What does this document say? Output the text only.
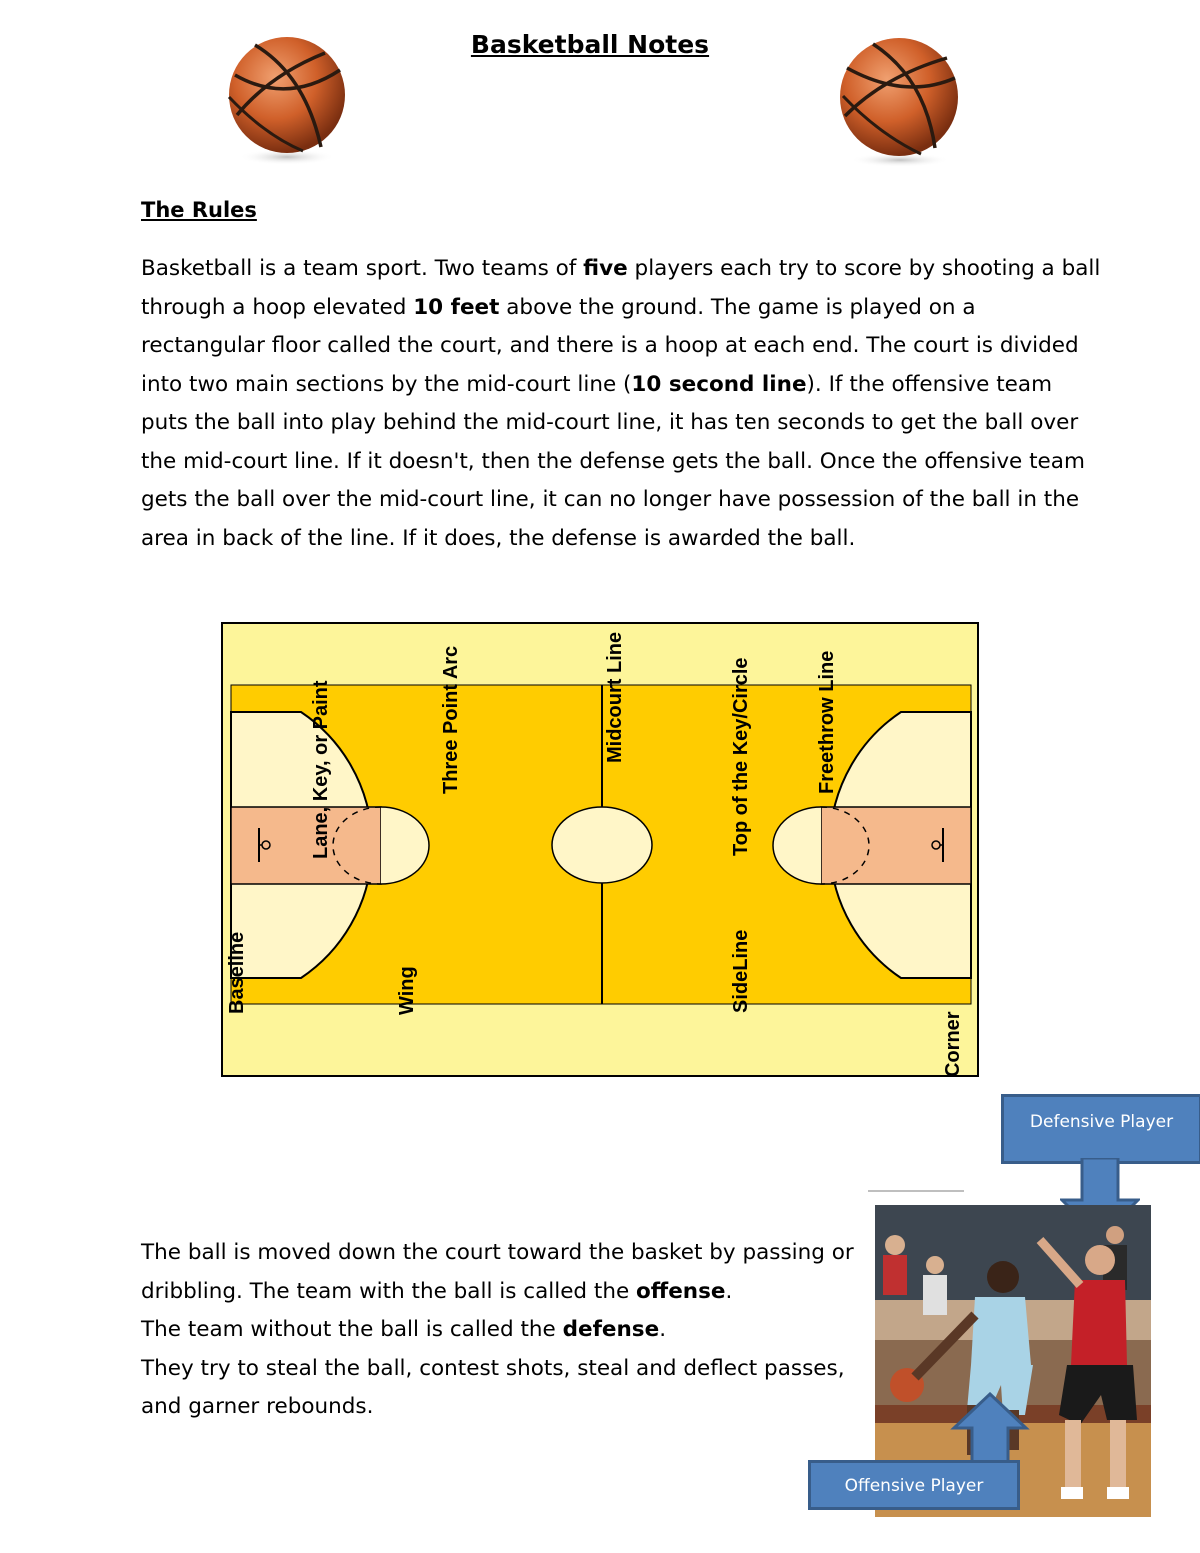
Basketball Notes
The Rules
Basketball is a team sport. Two teams of five players each try to score by shooting a ball through a hoop elevated 10 feet above the ground. The game is played on a rectangular floor called the court, and there is a hoop at each end. The court is divided into two main sections by the mid-court line (10 second line). If the offensive team puts the ball into play behind the mid-court line, it has ten seconds to get the ball over the mid-court line. If it doesn't, then the defense gets the ball. Once the offensive team gets the ball over the mid-court line, it can no longer have possession of the ball in the area in back of the line. If it does, the defense is awarded the ball.
Baseline
Lane, Key, or Paint	Three Point Arc	Midcourt Line	Top of the Key/Circle	Freethrow Line
Wing	SideLine
Corner
Defensive Player
Offensive Player
The ball is moved down the court toward the basket by passing or dribbling. The team with the ball is called the offense.
The team without the ball is called the defense.
They try to steal the ball, contest shots, steal and deflect passes, and garner rebounds.
